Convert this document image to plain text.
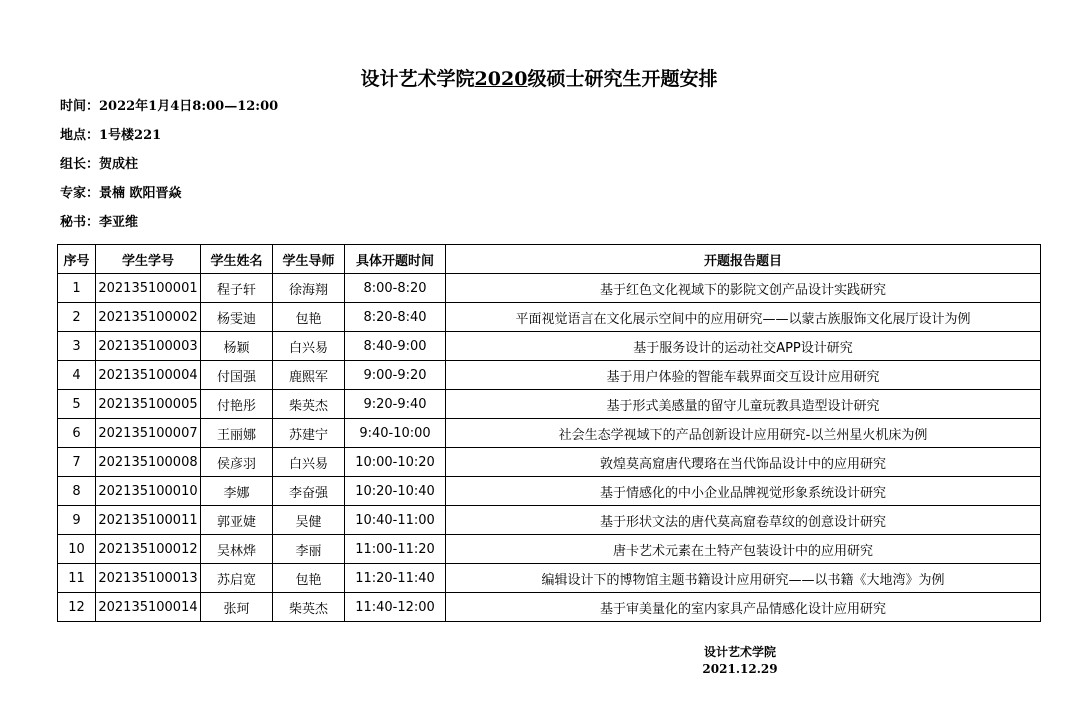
设计艺术学院2020级硕士研究生开题安排
时间：2022年1月4日8:00—12:00
地点：1号楼221
组长：贺成柱
专家：景楠 欧阳晋焱
秘书：李亚维
序号	学生学号	学生姓名	学生导师	具体开题时间	开题报告题目
1	202135100001	程子轩	徐海翔	8:00-8:20	基于红色文化视域下的影院文创产品设计实践研究
2	202135100002	杨雯迪	包艳	8:20-8:40	平面视觉语言在文化展示空间中的应用研究——以蒙古族服饰文化展厅设计为例
3	202135100003	杨颖	白兴易	8:40-9:00	基于服务设计的运动社交APP设计研究
4	202135100004	付国强	鹿熙军	9:00-9:20	基于用户体验的智能车载界面交互设计应用研究
5	202135100005	付艳彤	柴英杰	9:20-9:40	基于形式美感量的留守儿童玩教具造型设计研究
6	202135100007	王丽娜	苏建宁	9:40-10:00	社会生态学视域下的产品创新设计应用研究-以兰州星火机床为例
7	202135100008	侯彦羽	白兴易	10:00-10:20	敦煌莫高窟唐代璎珞在当代饰品设计中的应用研究
8	202135100010	李娜	李奋强	10:20-10:40	基于情感化的中小企业品牌视觉形象系统设计研究
9	202135100011	郭亚婕	吴健	10:40-11:00	基于形状文法的唐代莫高窟卷草纹的创意设计研究
10	202135100012	吴林烨	李丽	11:00-11:20	唐卡艺术元素在土特产包装设计中的应用研究
11	202135100013	苏启宽	包艳	11:20-11:40	编辑设计下的博物馆主题书籍设计应用研究——以书籍《大地湾》为例
12	202135100014	张珂	柴英杰	11:40-12:00	基于审美量化的室内家具产品情感化设计应用研究
设计艺术学院
2021.12.29
